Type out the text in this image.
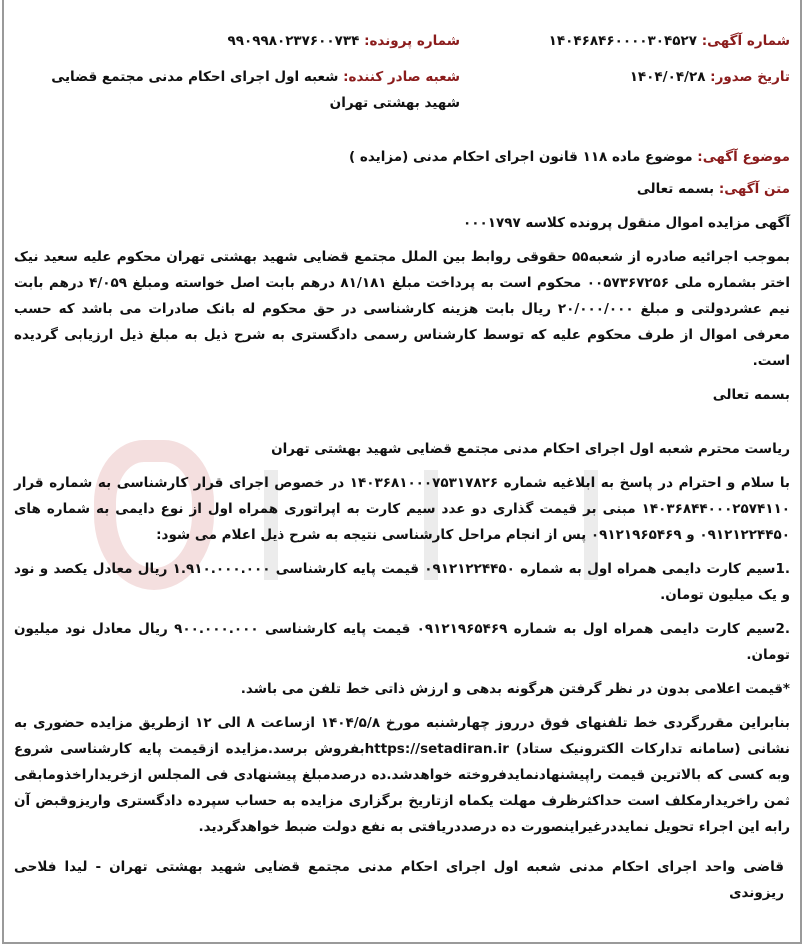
شماره آگهی: ۱۴۰۴۶۸۴۶۰۰۰۰۳۰۴۵۲۷
شماره پرونده: ۹۹۰۹۹۸۰۲۳۷۶۰۰۷۳۴
تاریخ صدور: ۱۴۰۴/۰۴/۲۸
شعبه صادر کننده: شعبه اول اجرای احکام مدنی مجتمع قضایی شهید بهشتی تهران
موضوع آگهی: موضوع ماده ۱۱۸ قانون اجرای احکام مدنی (مزایده )
متن آگهی: بسمه تعالی

آگهی مزایده اموال منقول پرونده کلاسه ۰۰۰۱۷۹۷

بموجب اجرائیه صادره از شعبه۵۵ حقوقی روابط بین الملل مجتمع قضایی شهید بهشتی تهران محکوم علیه سعید نیک اختر بشماره ملی ۰۰۵۷۳۶۷۲۵۶ محکوم است به پرداخت مبلغ ۸۱/۱۸۱ درهم بابت اصل خواسته ومبلغ ۴/۰۵۹ درهم بابت نیم عشردولتی و مبلغ ۲۰/۰۰۰/۰۰۰ ریال بابت هزینه کارشناسی در حق محکوم له بانک صادرات می باشد که حسب معرفی اموال از طرف محکوم علیه که توسط کارشناس رسمی دادگستری به شرح ذیل به مبلغ ذیل ارزیابی گردیده است.

بسمه تعالی

ریاست محترم شعبه اول اجرای احکام مدنی مجتمع قضایی شهید بهشتی تهران

با سلام و احترام در پاسخ به ابلاغیه شماره ۱۴۰۳۶۸۱۰۰۰۷۵۳۱۷۸۲۶ در خصوص اجرای قرار کارشناسی به شماره قرار ۱۴۰۳۶۸۴۴۰۰۰۲۵۷۴۱۱۰ مبنی بر قیمت گذاری دو عدد سیم کارت به اپراتوری همراه اول از نوع دایمی به شماره های ۰۹۱۲۱۲۲۴۴۵۰ و ۰۹۱۲۱۹۶۵۴۶۹ پس از انجام مراحل کارشناسی نتیجه به شرح ذیل اعلام می شود:

.1سیم کارت دایمی همراه اول به شماره ۰۹۱۲۱۲۲۴۴۵۰ قیمت پایه کارشناسی ۱.۹۱۰.۰۰۰.۰۰۰ ریال معادل یکصد و نود و یک میلیون تومان.

.2سیم کارت دایمی همراه اول به شماره ۰۹۱۲۱۹۶۵۴۶۹ قیمت پایه کارشناسی ۹۰۰.۰۰۰.۰۰۰ ریال معادل نود میلیون تومان.

*قیمت اعلامی بدون در نظر گرفتن هرگونه بدهی و ارزش ذاتی خط تلفن می باشد.

بنابراین مقررگردی خط تلفنهای فوق درروز چهارشنبه مورخ ۱۴۰۴/۵/۸ ازساعت ۸ الی ۱۲ ازطریق مزایده حضوری به نشانی (سامانه تدارکات الکترونیک ستاد) https://setadiran.irبفروش برسد.مزایده ازقیمت پایه کارشناسی شروع وبه کسی که بالاترین قیمت راپیشنهادنمایدفروخته خواهدشد.ده درصدمبلغ پیشنهادی فی المجلس ازخریداراخذومابقی ثمن راخریدارمکلف است حداکثرظرف مهلت یکماه ازتاریخ برگزاری مزایده به حساب سپرده دادگستری واریزوقبض آن رابه این اجراء تحویل نمایددرغیراینصورت ده درصددریافتی به نفع دولت ضبط خواهدگردید.

قاضی واحد اجرای احکام مدنی شعبه اول اجرای احکام مدنی مجتمع قضایی شهید بهشتی تهران - لیدا فلاحی ریزوندی
